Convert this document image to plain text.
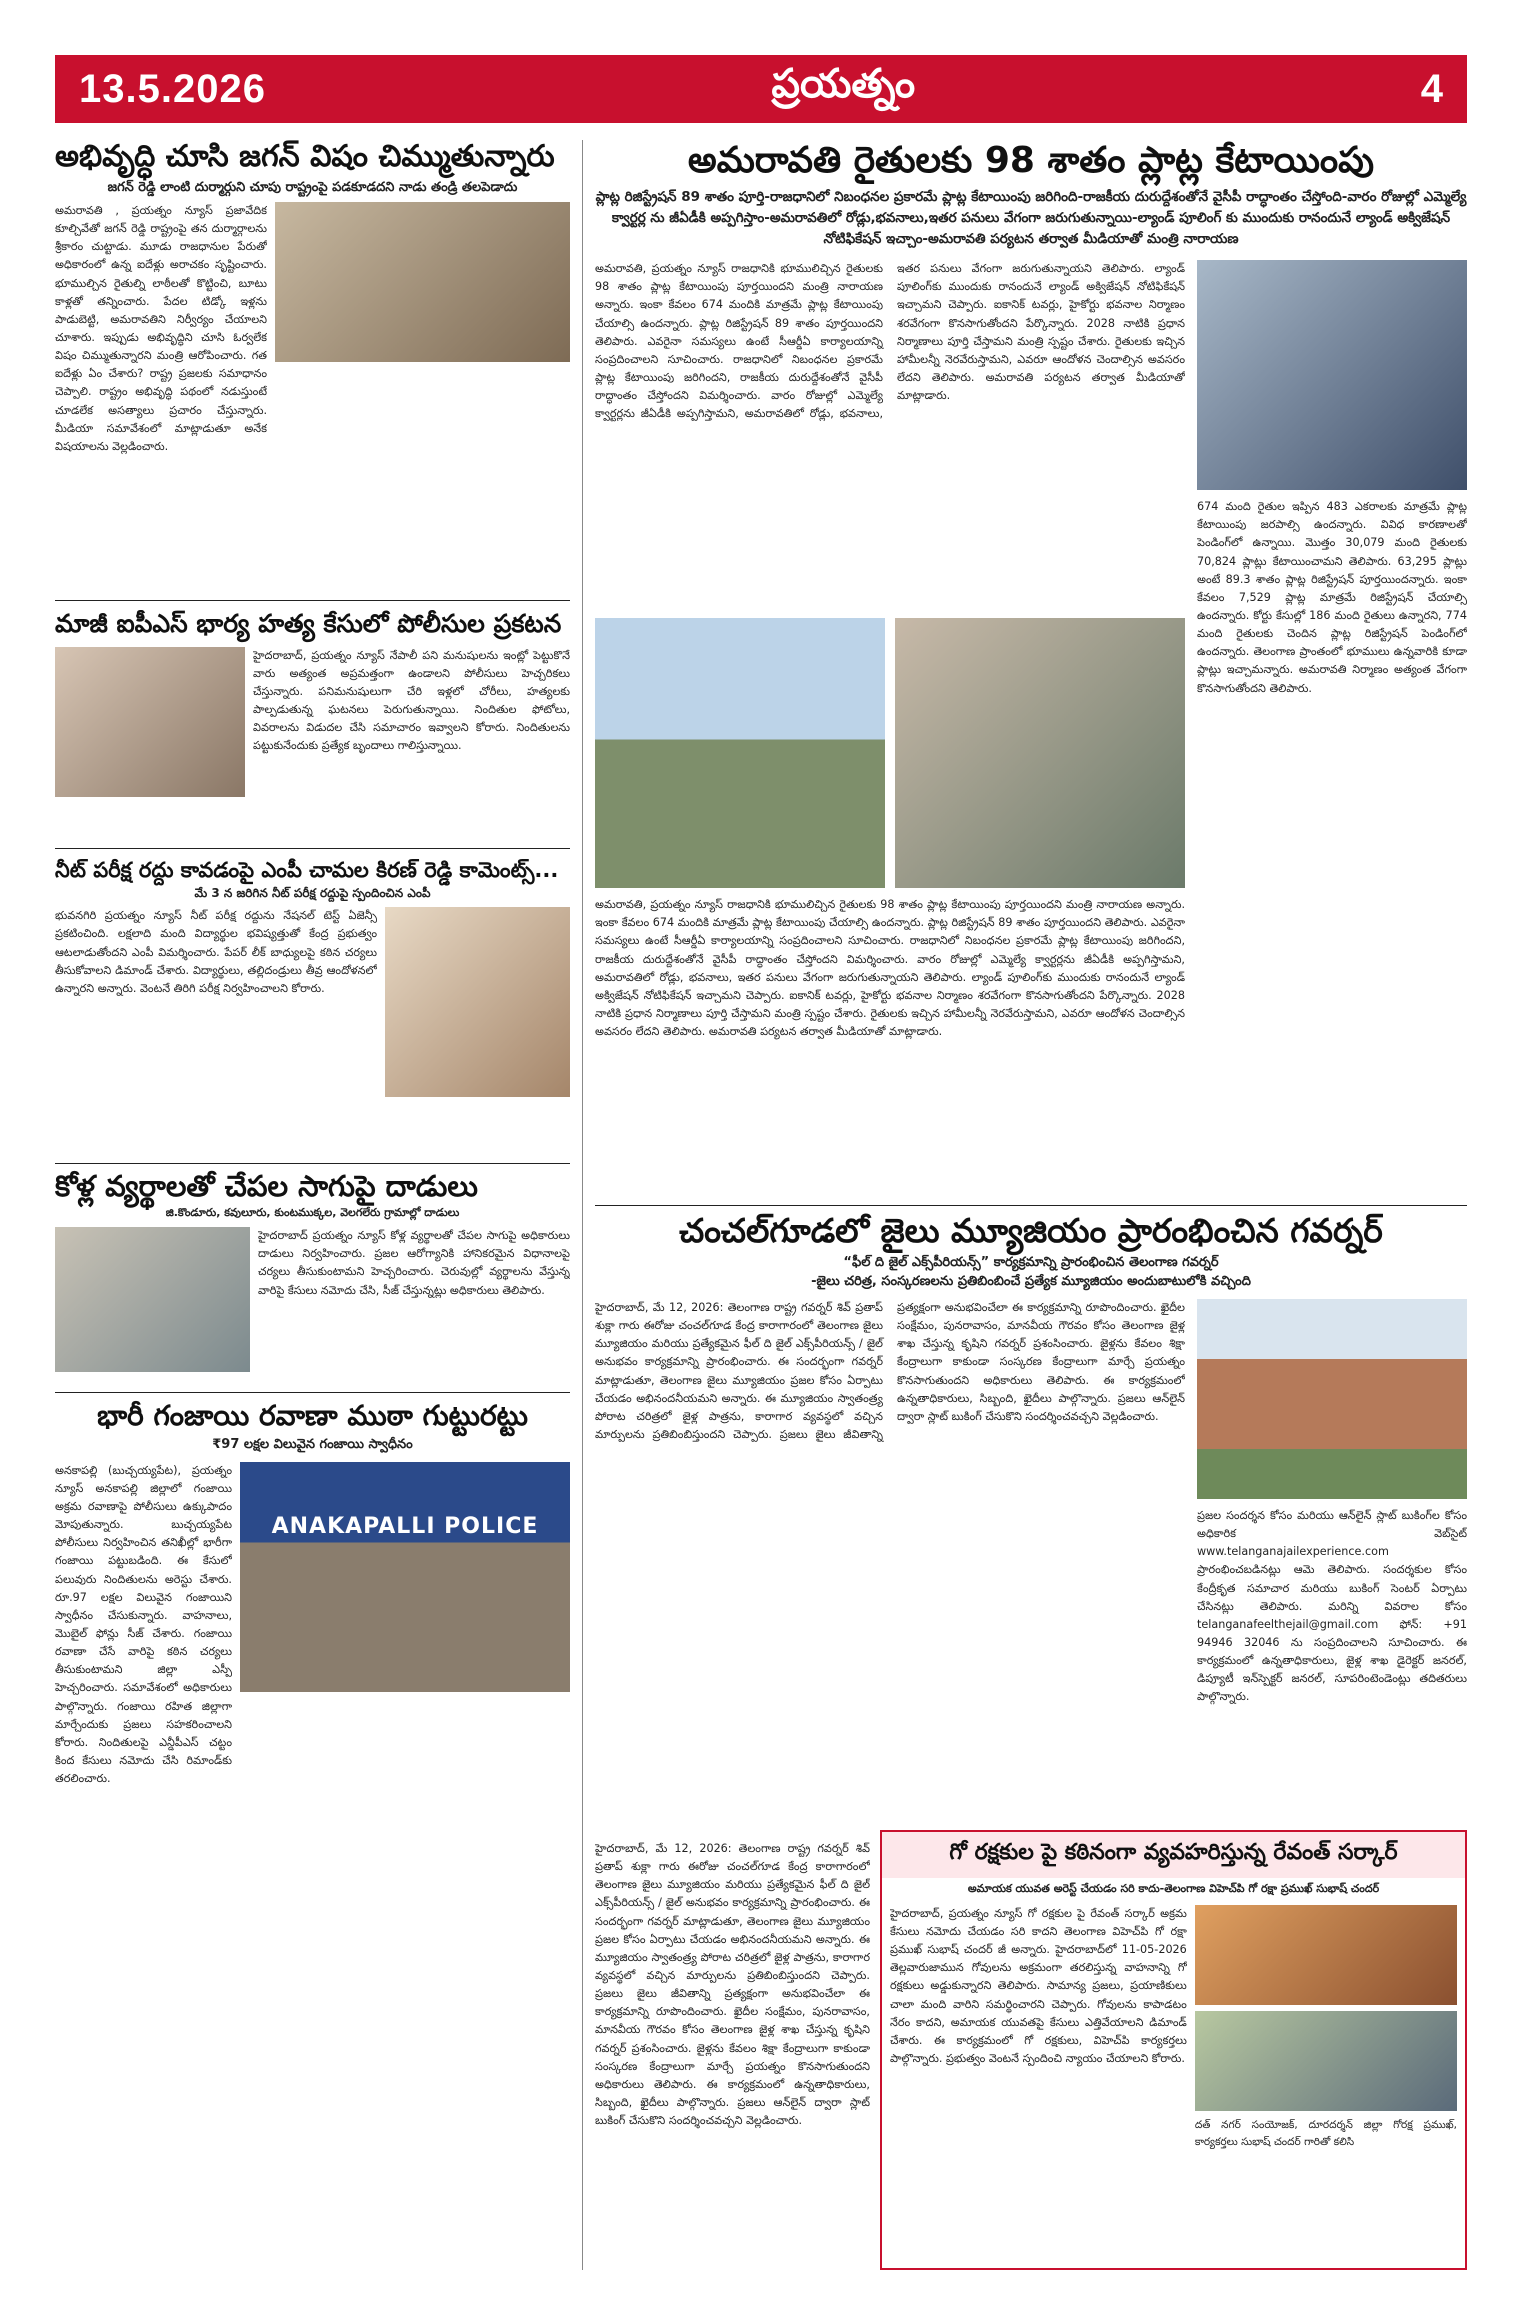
13.5.2026	ప్రయత్నం	4
అభివృద్ధి చూసి జగన్ విషం చిమ్ముతున్నారు
జగన్ రెడ్డి లాంటి దుర్మార్గుని చూపు రాష్ట్రంపై పడకూడదని నాడు తండ్రి తలపెడాదు
అమరావతి , ప్రయత్నం న్యూస్ ప్రజావేదిక కూల్చివేతో జగన్ రెడ్డి రాష్ట్రంపై తన దుర్మార్గాలను శ్రీకారం చుట్టాడు. మూడు రాజధానుల పేరుతో అధికారంలో ఉన్న ఐదేళ్లు అరాచకం సృష్టించారు. భూముల్చిన రైతుల్ని లాఠీలతో కొట్టించి, బూటు కాళ్లతో తన్నించారు. పేదల టిడ్కో ఇళ్లను పాడుబెట్టి, అమరావతిని నిర్వీర్యం చేయాలని చూశారు. ఇప్పుడు అభివృద్ధిని చూసి ఓర్వలేక విషం చిమ్ముతున్నారని మంత్రి ఆరోపించారు. గత ఐదేళ్లు ఏం చేశారు? రాష్ట్ర ప్రజలకు సమాధానం చెప్పాలి. రాష్ట్రం అభివృద్ధి పథంలో నడుస్తుంటే చూడలేక అసత్యాలు ప్రచారం చేస్తున్నారు. మీడియా సమావేశంలో మాట్లాడుతూ అనేక విషయాలను వెల్లడించారు.
మాజీ ఐపీఎస్ భార్య హత్య కేసులో పోలీసుల ప్రకటన
హైదరాబాద్, ప్రయత్నం న్యూస్ నేపాలీ పని మనుషులను ఇంట్లో పెట్టుకొనే వారు అత్యంత అప్రమత్తంగా ఉండాలని పోలీసులు హెచ్చరికలు చేస్తున్నారు. పనిమనుషులుగా చేరి ఇళ్లలో చోరీలు, హత్యలకు పాల్పడుతున్న ఘటనలు పెరుగుతున్నాయి. నిందితుల ఫోటోలు, వివరాలను విడుదల చేసి సమాచారం ఇవ్వాలని కోరారు. నిందితులను పట్టుకునేందుకు ప్రత్యేక బృందాలు గాలిస్తున్నాయి.
నీట్ పరీక్ష రద్దు కావడంపై ఎంపీ చామల కిరణ్ రెడ్డి కామెంట్స్...
మే 3 న జరిగిన నీట్ పరీక్ష రద్దుపై స్పందించిన ఎంపీ
భువనగిరి ప్రయత్నం న్యూస్ నీట్ పరీక్ష రద్దును నేషనల్ టెస్ట్ ఏజెన్సీ ప్రకటించింది. లక్షలాది మంది విద్యార్థుల భవిష్యత్తుతో కేంద్ర ప్రభుత్వం ఆటలాడుతోందని ఎంపీ విమర్శించారు. పేపర్ లీక్ బాధ్యులపై కఠిన చర్యలు తీసుకోవాలని డిమాండ్ చేశారు. విద్యార్థులు, తల్లిదండ్రులు తీవ్ర ఆందోళనలో ఉన్నారని అన్నారు. వెంటనే తిరిగి పరీక్ష నిర్వహించాలని కోరారు.
కోళ్ల వ్యర్థాలతో చేపల సాగుపై దాడులు
జి.కొండూరు, కవులూరు, కుంటముక్కల, వెలగలేరు గ్రామాల్లో దాడులు
హైదరాబాద్ ప్రయత్నం న్యూస్ కోళ్ల వ్యర్థాలతో చేపల సాగుపై అధికారులు దాడులు నిర్వహించారు. ప్రజల ఆరోగ్యానికి హానికరమైన విధానాలపై చర్యలు తీసుకుంటామని హెచ్చరించారు. చెరువుల్లో వ్యర్థాలను వేస్తున్న వారిపై కేసులు నమోదు చేసి, సీజ్ చేస్తున్నట్లు అధికారులు తెలిపారు.
భారీ గంజాయి రవాణా ముఠా గుట్టురట్టు
₹97 లక్షల విలువైన గంజాయి స్వాధీనం
ANAKAPALLI POLICE
అనకాపల్లి (బుచ్చయ్యపేట), ప్రయత్నం న్యూస్ అనకాపల్లి జిల్లాలో గంజాయి అక్రమ రవాణాపై పోలీసులు ఉక్కుపాదం మోపుతున్నారు. బుచ్చయ్యపేట పోలీసులు నిర్వహించిన తనిఖీల్లో భారీగా గంజాయి పట్టుబడింది. ఈ కేసులో పలువురు నిందితులను అరెస్టు చేశారు. రూ.97 లక్షల విలువైన గంజాయిని స్వాధీనం చేసుకున్నారు. వాహనాలు, మొబైల్ ఫోన్లు సీజ్ చేశారు. గంజాయి రవాణా చేసే వారిపై కఠిన చర్యలు తీసుకుంటామని జిల్లా ఎస్పీ హెచ్చరించారు. సమావేశంలో అధికారులు పాల్గొన్నారు. గంజాయి రహిత జిల్లాగా మార్చేందుకు ప్రజలు సహకరించాలని కోరారు. నిందితులపై ఎన్డీపీఎస్ చట్టం కింద కేసులు నమోదు చేసి రిమాండ్‌కు తరలించారు.
అమరావతి రైతులకు 98 శాతం ప్లాట్ల కేటాయింపు
ప్లాట్ల రిజిస్ట్రేషన్ 89 శాతం పూర్తి-రాజధానిలో నిబంధనల ప్రకారమే ప్లాట్ల కేటాయింపు జరిగింది-రాజకీయ దురుద్దేశంతోనే వైసీపీ రాద్ధాంతం చేస్తోంది-వారం రోజుల్లో ఎమ్మెల్యే క్వార్టర్ల ను జీఏడీకి అప్పగిస్తాం-అమరావతిలో రోడ్లు,భవనాలు,ఇతర పనులు వేగంగా జరుగుతున్నాయి-ల్యాండ్ పూలింగ్ కు ముందుకు రానందునే ల్యాండ్ అక్విజేషన్ నోటిఫికేషన్ ఇచ్చాం-అమరావతి పర్యటన తర్వాత మీడియాతో మంత్రి నారాయణ
అమరావతి, ప్రయత్నం న్యూస్ రాజధానికి భూములిచ్చిన రైతులకు 98 శాతం ప్లాట్ల కేటాయింపు పూర్తయిందని మంత్రి నారాయణ అన్నారు. ఇంకా కేవలం 674 మందికి మాత్రమే ప్లాట్ల కేటాయింపు చేయాల్సి ఉందన్నారు. ప్లాట్ల రిజిస్ట్రేషన్ 89 శాతం పూర్తయిందని తెలిపారు. ఎవరైనా సమస్యలు ఉంటే సీఆర్డీఏ కార్యాలయాన్ని సంప్రదించాలని సూచించారు. రాజధానిలో నిబంధనల ప్రకారమే ప్లాట్ల కేటాయింపు జరిగిందని, రాజకీయ దురుద్దేశంతోనే వైసీపీ రాద్ధాంతం చేస్తోందని విమర్శించారు. వారం రోజుల్లో ఎమ్మెల్యే క్వార్టర్లను జీఏడీకి అప్పగిస్తామని, అమరావతిలో రోడ్లు, భవనాలు, ఇతర పనులు వేగంగా జరుగుతున్నాయని తెలిపారు. ల్యాండ్ పూలింగ్‌కు ముందుకు రానందునే ల్యాండ్ అక్విజేషన్ నోటిఫికేషన్ ఇచ్చామని చెప్పారు. ఐకానిక్ టవర్లు, హైకోర్టు భవనాల నిర్మాణం శరవేగంగా కొనసాగుతోందని పేర్కొన్నారు. 2028 నాటికి ప్రధాన నిర్మాణాలు పూర్తి చేస్తామని మంత్రి స్పష్టం చేశారు. రైతులకు ఇచ్చిన హామీలన్నీ నెరవేరుస్తామని, ఎవరూ ఆందోళన చెందాల్సిన అవసరం లేదని తెలిపారు. అమరావతి పర్యటన తర్వాత మీడియాతో మాట్లాడారు.
అమరావతి, ప్రయత్నం న్యూస్ రాజధానికి భూములిచ్చిన రైతులకు 98 శాతం ప్లాట్ల కేటాయింపు పూర్తయిందని మంత్రి నారాయణ అన్నారు. ఇంకా కేవలం 674 మందికి మాత్రమే ప్లాట్ల కేటాయింపు చేయాల్సి ఉందన్నారు. ప్లాట్ల రిజిస్ట్రేషన్ 89 శాతం పూర్తయిందని తెలిపారు. ఎవరైనా సమస్యలు ఉంటే సీఆర్డీఏ కార్యాలయాన్ని సంప్రదించాలని సూచించారు. రాజధానిలో నిబంధనల ప్రకారమే ప్లాట్ల కేటాయింపు జరిగిందని, రాజకీయ దురుద్దేశంతోనే వైసీపీ రాద్ధాంతం చేస్తోందని విమర్శించారు. వారం రోజుల్లో ఎమ్మెల్యే క్వార్టర్లను జీఏడీకి అప్పగిస్తామని, అమరావతిలో రోడ్లు, భవనాలు, ఇతర పనులు వేగంగా జరుగుతున్నాయని తెలిపారు. ల్యాండ్ పూలింగ్‌కు ముందుకు రానందునే ల్యాండ్ అక్విజేషన్ నోటిఫికేషన్ ఇచ్చామని చెప్పారు. ఐకానిక్ టవర్లు, హైకోర్టు భవనాల నిర్మాణం శరవేగంగా కొనసాగుతోందని పేర్కొన్నారు. 2028 నాటికి ప్రధాన నిర్మాణాలు పూర్తి చేస్తామని మంత్రి స్పష్టం చేశారు. రైతులకు ఇచ్చిన హామీలన్నీ నెరవేరుస్తామని, ఎవరూ ఆందోళన చెందాల్సిన అవసరం లేదని తెలిపారు. అమరావతి పర్యటన తర్వాత మీడియాతో మాట్లాడారు.
674 మంది రైతుల ఇప్పిన 483 ఎకరాలకు మాత్రమే ప్లాట్ల కేటాయింపు జరపాల్సి ఉందన్నారు. వివిధ కారణాలతో పెండింగ్‌లో ఉన్నాయి. మొత్తం 30,079 మంది రైతులకు 70,824 ప్లాట్లు కేటాయించామని తెలిపారు. 63,295 ప్లాట్లు అంటే 89.3 శాతం ప్లాట్ల రిజిస్ట్రేషన్ పూర్తయిందన్నారు. ఇంకా కేవలం 7,529 ప్లాట్ల మాత్రమే రిజిస్ట్రేషన్ చేయాల్సి ఉందన్నారు. కోర్టు కేసుల్లో 186 మంది రైతులు ఉన్నారని, 774 మంది రైతులకు చెందిన ప్లాట్ల రిజిస్ట్రేషన్ పెండింగ్‌లో ఉందన్నారు. తెలంగాణ ప్రాంతంలో భూములు ఉన్నవారికి కూడా ప్లాట్లు ఇచ్చామన్నారు. అమరావతి నిర్మాణం అత్యంత వేగంగా కొనసాగుతోందని తెలిపారు.
చంచల్‌గూడలో జైలు మ్యూజియం ప్రారంభించిన గవర్నర్
“ఫీల్ ది జైల్ ఎక్స్‌పీరియన్స్” కార్యక్రమాన్ని ప్రారంభించిన తెలంగాణ గవర్నర్
-జైలు చరిత్ర, సంస్కరణలను ప్రతిబింబించే ప్రత్యేక మ్యూజియం అందుబాటులోకి వచ్చింది
హైదరాబాద్, మే 12, 2026: తెలంగాణ రాష్ట్ర గవర్నర్ శివ్ ప్రతాప్ శుక్లా గారు ఈరోజు చంచల్‌గూడ కేంద్ర కారాగారంలో తెలంగాణ జైలు మ్యూజియం మరియు ప్రత్యేకమైన ఫీల్ ది జైల్ ఎక్స్‌పీరియన్స్ / జైల్ అనుభవం కార్యక్రమాన్ని ప్రారంభించారు. ఈ సందర్భంగా గవర్నర్ మాట్లాడుతూ, తెలంగాణ జైలు మ్యూజియం ప్రజల కోసం ఏర్పాటు చేయడం అభినందనీయమని అన్నారు. ఈ మ్యూజియం స్వాతంత్ర్య పోరాట చరిత్రలో జైళ్ల పాత్రను, కారాగార వ్యవస్థలో వచ్చిన మార్పులను ప్రతిబింబిస్తుందని చెప్పారు. ప్రజలు జైలు జీవితాన్ని ప్రత్యక్షంగా అనుభవించేలా ఈ కార్యక్రమాన్ని రూపొందించారు. ఖైదీల సంక్షేమం, పునరావాసం, మానవీయ గౌరవం కోసం తెలంగాణ జైళ్ల శాఖ చేస్తున్న కృషిని గవర్నర్ ప్రశంసించారు. జైళ్లను కేవలం శిక్షా కేంద్రాలుగా కాకుండా సంస్కరణ కేంద్రాలుగా మార్చే ప్రయత్నం కొనసాగుతుందని అధికారులు తెలిపారు. ఈ కార్యక్రమంలో ఉన్నతాధికారులు, సిబ్బంది, ఖైదీలు పాల్గొన్నారు. ప్రజలు ఆన్‌లైన్ ద్వారా స్లాట్ బుకింగ్ చేసుకొని సందర్శించవచ్చని వెల్లడించారు.
ప్రజల సందర్శన కోసం మరియు ఆన్‌లైన్ స్లాట్ బుకింగ్‌ల కోసం అధికారిక వెబ్‌సైట్ www.telanganajailexperience.com ప్రారంభించబడినట్లు ఆమె తెలిపారు. సందర్శకుల కోసం కేంద్రీకృత సమాచార మరియు బుకింగ్ సెంటర్ ఏర్పాటు చేసినట్లు తెలిపారు. మరిన్ని వివరాల కోసం telanganafeelthejail@gmail.com ఫోన్: +91 94946 32046 ను సంప్రదించాలని సూచించారు. ఈ కార్యక్రమంలో ఉన్నతాధికారులు, జైళ్ల శాఖ డైరెక్టర్ జనరల్, డిప్యూటీ ఇన్‌స్పెక్టర్ జనరల్, సూపరింటెండెంట్లు తదితరులు పాల్గొన్నారు.
గో రక్షకుల పై కఠినంగా వ్యవహరిస్తున్న రేవంత్ సర్కార్
అమాయక యువత అరెస్ట్ చేయడం సరి కాదు-తెలంగాణ విహెచ్‌పి గో రక్షా ప్రముఖ్ సుభాష్ చందర్
హైదరాబాద్, ప్రయత్నం న్యూస్ గో రక్షకుల పై రేవంత్ సర్కార్ అక్రమ కేసులు నమోదు చేయడం సరి కాదని తెలంగాణ విహెచ్‌పి గో రక్షా ప్రముఖ్ సుభాష్ చందర్ జీ అన్నారు. హైదరాబాద్‌లో 11-05-2026 తెల్లవారుజామున గోవులను అక్రమంగా తరలిస్తున్న వాహనాన్ని గో రక్షకులు అడ్డుకున్నారని తెలిపారు. సామాన్య ప్రజలు, ప్రయాణికులు చాలా మంది వారిని సమర్థించారని చెప్పారు. గోవులను కాపాడటం నేరం కాదని, అమాయక యువతపై కేసులు ఎత్తివేయాలని డిమాండ్ చేశారు. ఈ కార్యక్రమంలో గో రక్షకులు, విహెచ్‌పి కార్యకర్తలు పాల్గొన్నారు. ప్రభుత్వం వెంటనే స్పందించి న్యాయం చేయాలని కోరారు.
దత్ నగర్ సంయోజక్, దూరదర్శన్ జిల్లా గోరక్ష ప్రముఖ్, కార్యకర్తలు సుభాష్ చందర్ గారితో కలిసి
హైదరాబాద్, మే 12, 2026: తెలంగాణ రాష్ట్ర గవర్నర్ శివ్ ప్రతాప్ శుక్లా గారు ఈరోజు చంచల్‌గూడ కేంద్ర కారాగారంలో తెలంగాణ జైలు మ్యూజియం మరియు ప్రత్యేకమైన ఫీల్ ది జైల్ ఎక్స్‌పీరియన్స్ / జైల్ అనుభవం కార్యక్రమాన్ని ప్రారంభించారు. ఈ సందర్భంగా గవర్నర్ మాట్లాడుతూ, తెలంగాణ జైలు మ్యూజియం ప్రజల కోసం ఏర్పాటు చేయడం అభినందనీయమని అన్నారు. ఈ మ్యూజియం స్వాతంత్ర్య పోరాట చరిత్రలో జైళ్ల పాత్రను, కారాగార వ్యవస్థలో వచ్చిన మార్పులను ప్రతిబింబిస్తుందని చెప్పారు. ప్రజలు జైలు జీవితాన్ని ప్రత్యక్షంగా అనుభవించేలా ఈ కార్యక్రమాన్ని రూపొందించారు. ఖైదీల సంక్షేమం, పునరావాసం, మానవీయ గౌరవం కోసం తెలంగాణ జైళ్ల శాఖ చేస్తున్న కృషిని గవర్నర్ ప్రశంసించారు. జైళ్లను కేవలం శిక్షా కేంద్రాలుగా కాకుండా సంస్కరణ కేంద్రాలుగా మార్చే ప్రయత్నం కొనసాగుతుందని అధికారులు తెలిపారు. ఈ కార్యక్రమంలో ఉన్నతాధికారులు, సిబ్బంది, ఖైదీలు పాల్గొన్నారు. ప్రజలు ఆన్‌లైన్ ద్వారా స్లాట్ బుకింగ్ చేసుకొని సందర్శించవచ్చని వెల్లడించారు.
